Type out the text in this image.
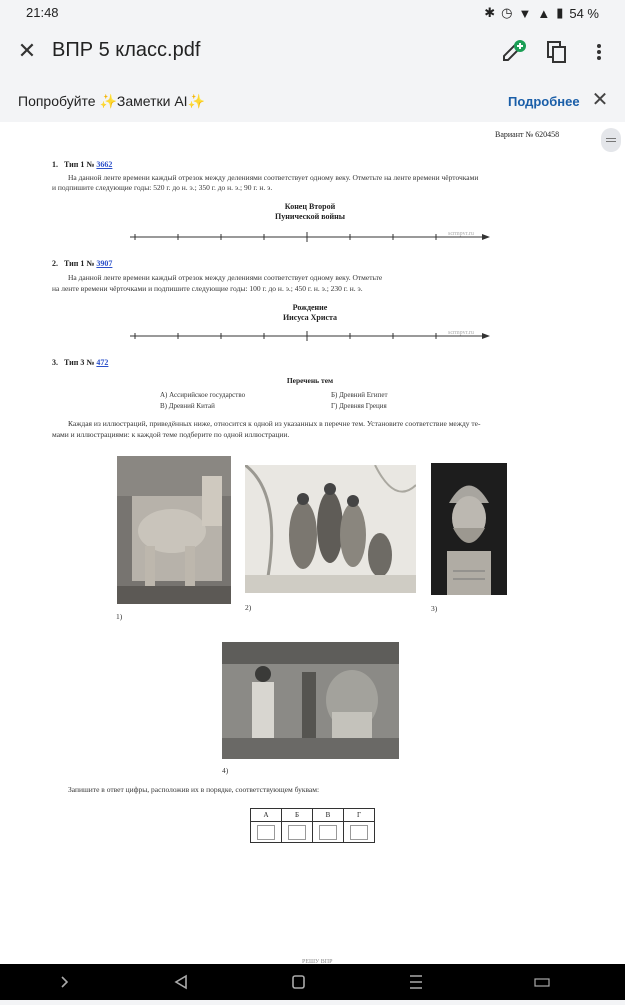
21:48	✱ ◷ ▼ ▲ ▮ 54 %
✕ ВПР 5 класс.pdf
Попробуйте ✨Заметки AI✨	Подробнее ✕
Вариант № 620458
1. Тип 1 № 3662
На данной ленте времени каждый отрезок между делениями соответствует одному веку. Отметьте на ленте времени чёрточками
и подпишите следующие годы: 520 г. до н. э.; 350 г. до н. э.; 90 г. н. э.
Конец Второй
Пунической войны
scrmpvr.ru
2. Тип 1 № 3907
На данной ленте времени каждый отрезок между делениями соответствует одному веку. Отметьте
на ленте времени чёрточками и подпишите следующие годы: 100 г. до н. э.; 450 г. н. э.; 230 г. н. э.
Рождение
Иисуса Христа
scrmpvr.ru
3. Тип 3 № 472
Перечень тем
А) Ассирийское государство	Б) Древний Египет
В) Древний Китай	Г) Древняя Греция
Каждая из иллюстраций, приведённых ниже, относится к одной из указанных в перечне тем. Установите соответствие между те-
мами и иллюстрациями: к каждой теме подберите по одной иллюстрации.
1)
2)	3)
4)
Запишите в ответ цифры, расположив их в порядке, соответствующем буквам:
А	Б	В	Г

РЕШУ ВПР
